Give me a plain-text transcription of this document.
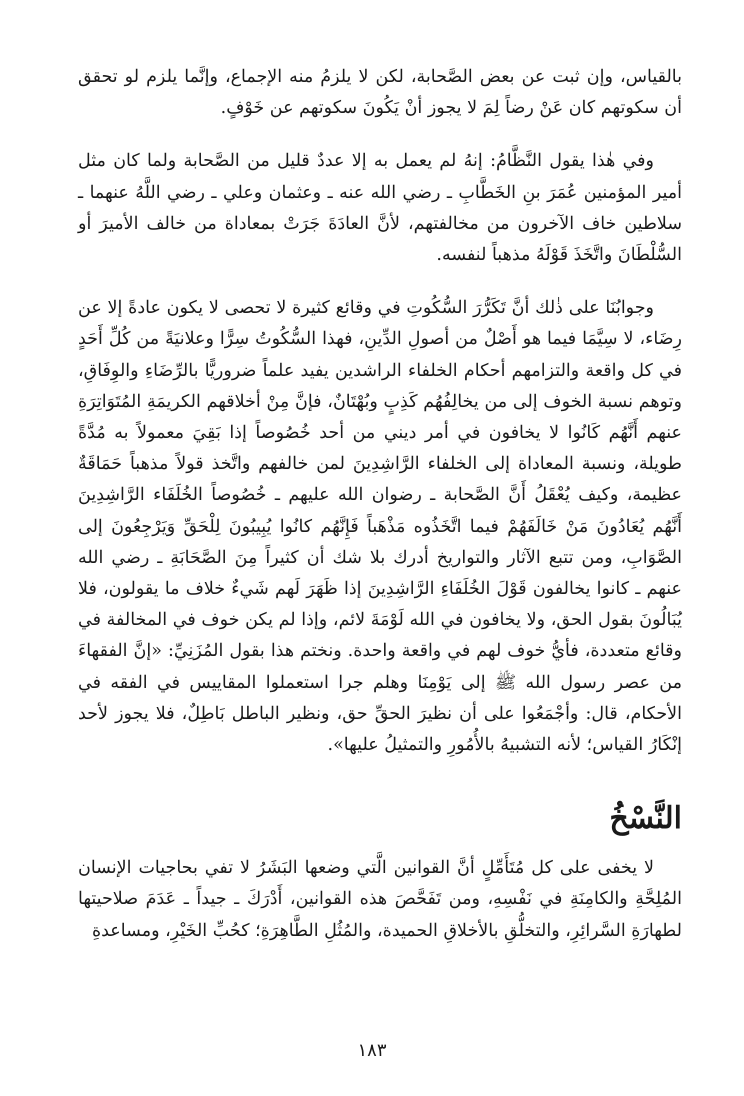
بالقياس، وإن ثبت عن بعض الصَّحابة، لكن لا يلزمُ منه الإجماع، وإنَّما يلزم لو تحقق أن سكوتهم كان عَنْ رضاً لِمَ لا يجوز أنْ يَكُونَ سكوتهم عن خَوْفٍ.

وفي هٰذا يقول النَّظَّامُ: إنهُ لم يعمل به إلا عددٌ قليل من الصَّحابة ولما كان مثل أمير المؤمنين عُمَرَ بنِ الخَطَّابِ ـ رضي الله عنه ـ وعثمان وعلي ـ رضي اللَّهُ عنهما ـ سلاطين خاف الآخرون من مخالفتهم، لأنَّ العادَةَ جَرَتْ بمعاداة من خالف الأميرَ أو السُّلْطَانَ واتَّخَذَ قَوْلَهُ مذهباً لنفسه.

وجوابُنَا على ذٰلك أنَّ تَكَرُّرَ السُّكُوتِ في وقائع كثيرة لا تحصى لا يكون عادةً إلا عن رِضَاء، لا سِيَّمَا فيما هو أَصْلٌ من أصولِ الدِّينِ، فهذا السُّكُوتُ سِرًّا وعلانيَةً من كُلِّ أَحَدٍ في كل واقعة والتزامهم أحكام الخلفاء الراشدين يفيد علماً ضروريًّا بالرِّضَاءِ والوِفَاقِ، وتوهم نسبة الخوف إلى من يخالِفُهُم كَذِبٍ وبُهْتَانٌ، فإنَّ مِنْ أخلاقهم الكريمَةِ المُتَوَاتِرَةِ عنهم أَنَّهُم كَانُوا لا يخافون في أمر ديني من أحد خُصُوصاً إذا بَقِيَ معمولاً به مُدَّةً طويلة، ونسبة المعاداة إلى الخلفاء الرَّاشِدِينَ لمن خالفهم واتَّخذ قولاً مذهباً حَمَاقَةٌ عظيمة، وكيف يُعْقَلُ أَنَّ الصَّحابة ـ رضوان الله عليهم ـ خُصُوصاً الخُلَفَاء الرَّاشِدِينَ أَنَّهُم يُعَادُونَ مَنْ خَالَفَهُمْ فيما اتَّخَذُوه مَذْهَباً فَإِنَّهُم كانُوا يُبِيبُونَ لِلْحَقِّ وَيَرْجِعُونَ إلى الصَّوَابِ، ومن تتبع الآثار والتواريخ أدرك بلا شك أن كثيراً مِنَ الصَّحَابَةِ ـ رضي الله عنهم ـ كانوا يخالفون قَوْلَ الخُلَفَاءِ الرَّاشِدِينَ إذا ظَهَرَ لَهم شَيءٌ خلاف ما يقولون، فلا يُبَالُونَ بقول الحق، ولا يخافون في الله لَوْمَةَ لائم، وإذا لم يكن خوف في المخالفة في وقائع متعددة، فأيُّ خوف لهم في واقعة واحدة. ونختم هذا بقول المُزَنِيِّ: «إنَّ الفقهاءَ من عصر رسول الله ﷺ إلى يَوْمِنَا وهلم جرا استعملوا المقاييس في الفقه في الأحكام، قال: وأجْمَعُوا على أن نظيرَ الحقِّ حق، ونظير الباطل بَاطِلٌ، فلا يجوز لأحد إنْكَارُ القياس؛ لأنه التشبيهُ بالأُمُورِ والتمثيلُ عليها».

النَّسْخُ

لا يخفى على كل مُتَأَمِّلٍ أنَّ القوانين الَّتي وضعها البَشَرُ لا تفي بحاجيات الإنسان المُلِحَّةِ والكامِنَةِ في نَفْسِهِ، ومن تَفَحَّصَ هذه القوانين، أَدْرَكَ ـ جيداً ـ عَدَمَ صلاحيتها لطهارَةِ السَّرائِرِ، والتخلُّقِ بالأخلاقِ الحميدة، والمُثُلِ الطَّاهِرَةِ؛ كحُبِّ الخَيْرِ، ومساعدةِ

١٨٣
